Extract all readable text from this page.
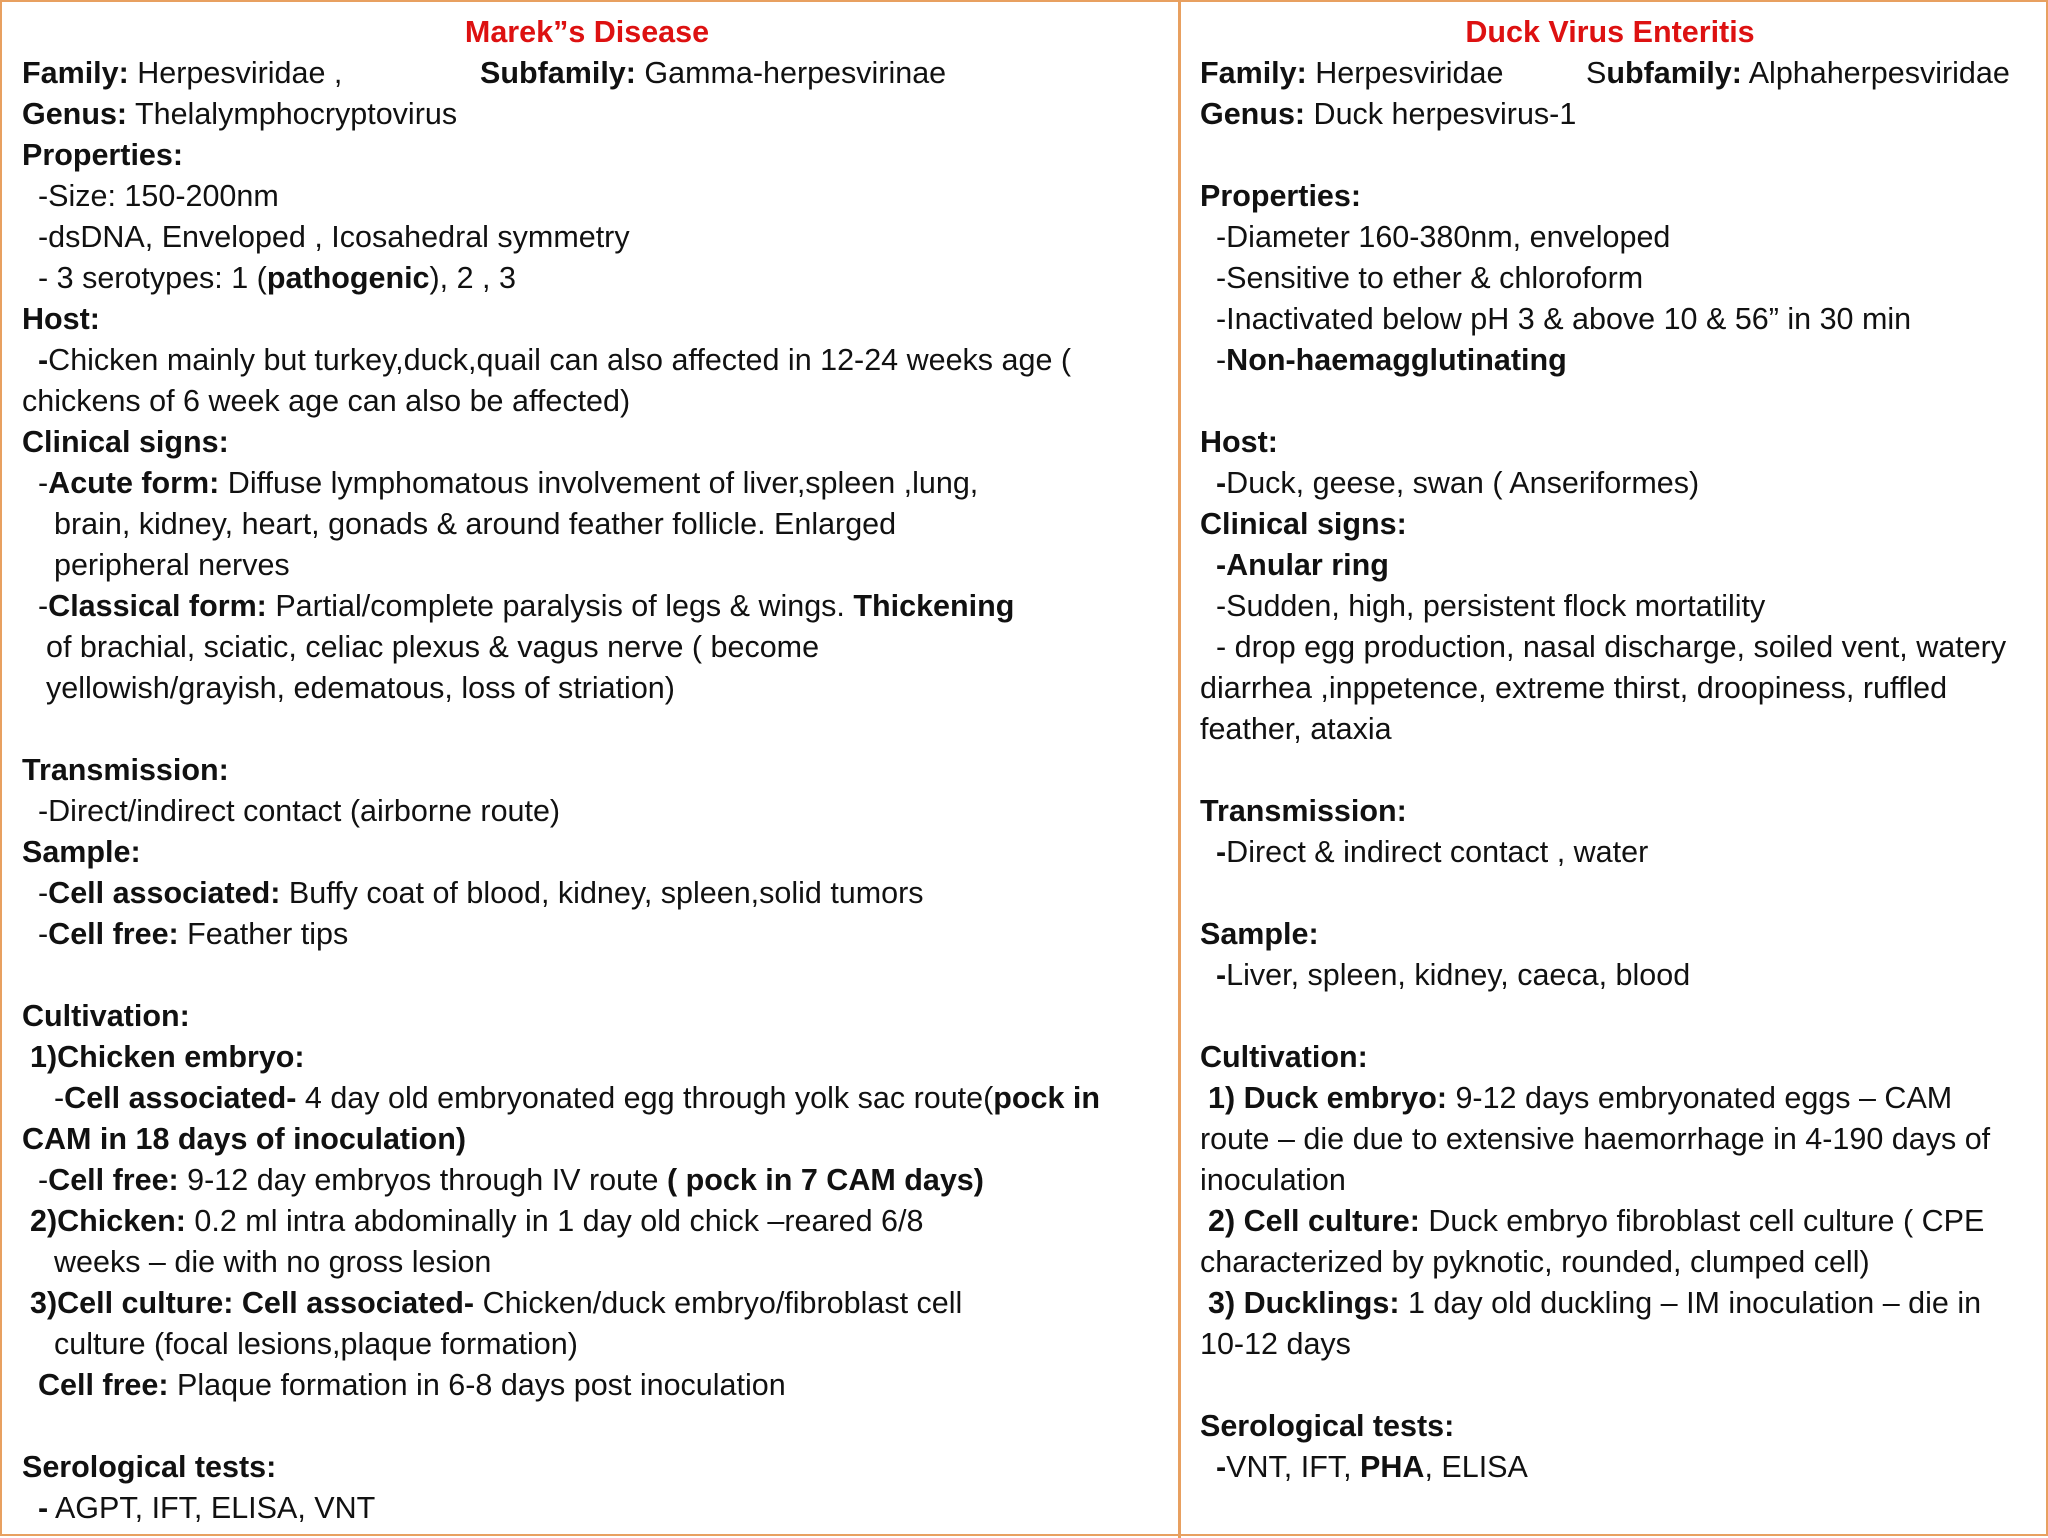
Marek”s Disease
Family: Herpesviridae ,	Subfamily: Gamma-herpesvirinae
Genus: Thelalymphocryptovirus
Properties:
-Size: 150-200nm
-dsDNA, Enveloped , Icosahedral symmetry
- 3 serotypes: 1 (pathogenic), 2 , 3
Host:
-Chicken mainly but turkey,duck,quail can also affected in 12-24 weeks age (
chickens of 6 week age can also be affected)
Clinical signs:
-Acute form: Diffuse lymphomatous involvement of liver,spleen ,lung,
brain, kidney, heart, gonads & around feather follicle. Enlarged
peripheral nerves
-Classical form: Partial/complete paralysis of legs & wings. Thickening
of brachial, sciatic, celiac plexus & vagus nerve ( become
yellowish/grayish, edematous, loss of striation)
Transmission:
-Direct/indirect contact (airborne route)
Sample:
-Cell associated: Buffy coat of blood, kidney, spleen,solid tumors
-Cell free: Feather tips
Cultivation:
1)Chicken embryo:
-Cell associated- 4 day old embryonated egg through yolk sac route(pock in
CAM in 18 days of inoculation)
-Cell free: 9-12 day embryos through IV route ( pock in 7 CAM days)
2)Chicken: 0.2 ml intra abdominally in 1 day old chick –reared 6/8
weeks – die with no gross lesion
3)Cell culture: Cell associated- Chicken/duck embryo/fibroblast cell
culture (focal lesions,plaque formation)
Cell free: Plaque formation in 6-8 days post inoculation
Serological tests:
- AGPT, IFT, ELISA, VNT
Duck Virus Enteritis
Family: Herpesviridae	Subfamily: Alphaherpesviridae
Genus: Duck herpesvirus-1
Properties:
-Diameter 160-380nm, enveloped
-Sensitive to ether & chloroform
-Inactivated below pH 3 & above 10 & 56” in 30 min
-Non-haemagglutinating
Host:
-Duck, geese, swan ( Anseriformes)
Clinical signs:
-Anular ring
-Sudden, high, persistent flock mortatility
- drop egg production, nasal discharge, soiled vent, watery
diarrhea ,inppetence, extreme thirst, droopiness, ruffled
feather, ataxia
Transmission:
-Direct & indirect contact , water
Sample:
-Liver, spleen, kidney, caeca, blood
Cultivation:
1) Duck embryo: 9-12 days embryonated eggs – CAM
route – die due to extensive haemorrhage in 4-190 days of
inoculation
2) Cell culture: Duck embryo fibroblast cell culture ( CPE
characterized by pyknotic, rounded, clumped cell)
3) Ducklings: 1 day old duckling – IM inoculation – die in
10-12 days
Serological tests:
-VNT, IFT, PHA, ELISA
